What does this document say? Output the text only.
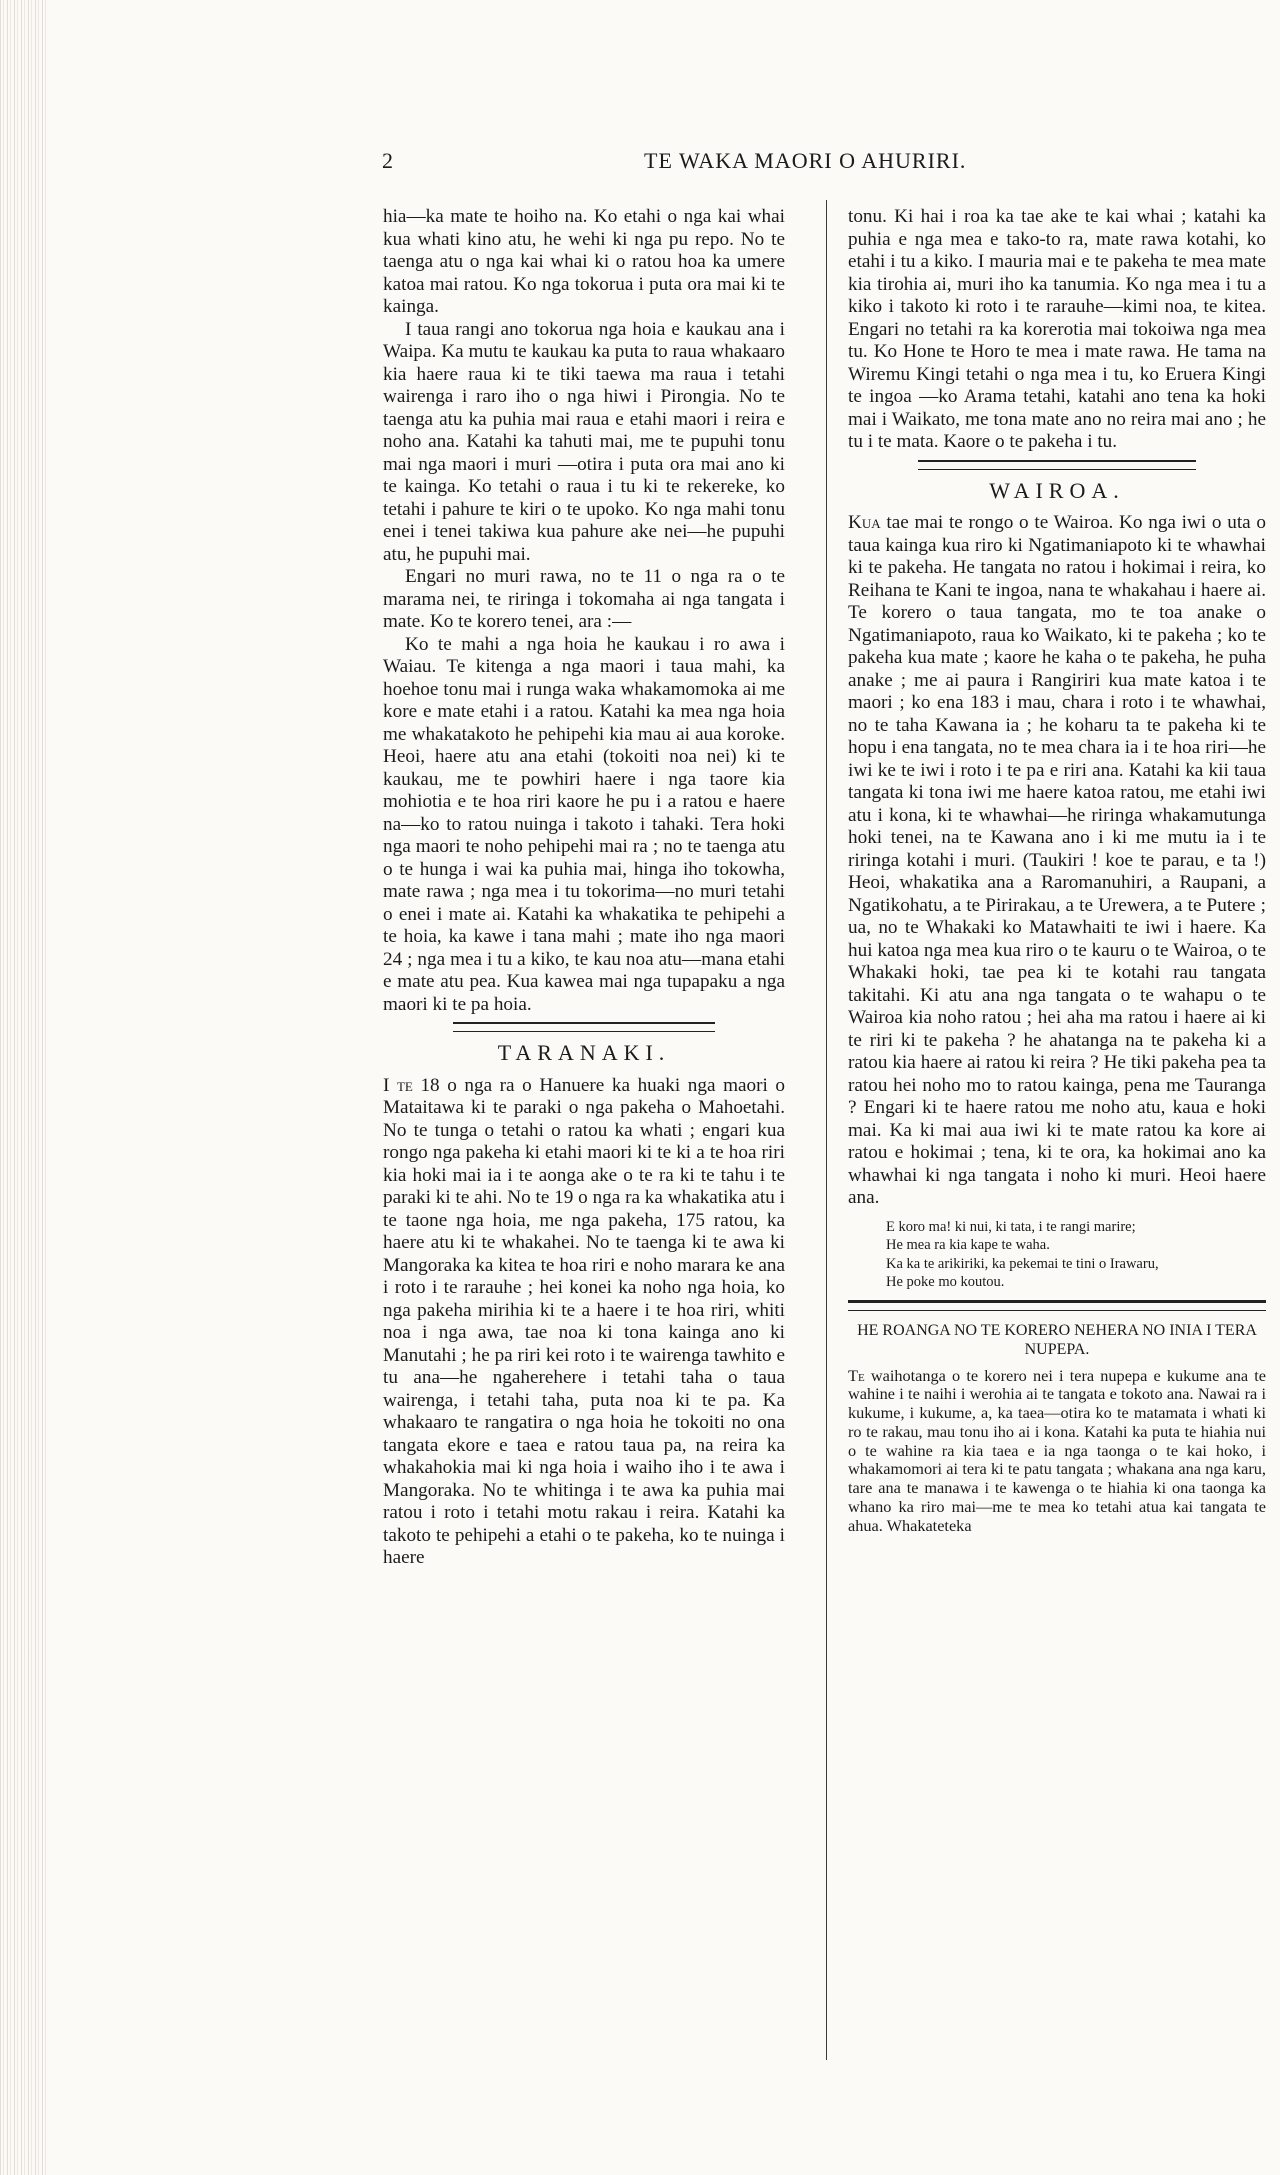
2	TE WAKA MAORI O AHURIRI.

hia—ka mate te hoiho na. Ko etahi o nga kai whai kua whati kino atu, he wehi ki nga pu repo. No te taenga atu o nga kai whai ki o ratou hoa ka umere katoa mai ratou. Ko nga tokorua i puta ora mai ki te kainga.

I taua rangi ano tokorua nga hoia e kaukau ana i Waipa. Ka mutu te kaukau ka puta to raua whakaaro kia haere raua ki te tiki taewa ma raua i tetahi wairenga i raro iho o nga hiwi i Pirongia. No te taenga atu ka puhia mai raua e etahi maori i reira e noho ana. Katahi ka tahuti mai, me te pupuhi tonu mai nga maori i muri —otira i puta ora mai ano ki te kainga. Ko tetahi o raua i tu ki te rekereke, ko tetahi i pahure te kiri o te upoko. Ko nga mahi tonu enei i tenei takiwa kua pahure ake nei—he pupuhi atu, he pupuhi mai.

Engari no muri rawa, no te 11 o nga ra o te marama nei, te riringa i tokomaha ai nga tangata i mate. Ko te korero tenei, ara :—

Ko te mahi a nga hoia he kaukau i ro awa i Waiau. Te kitenga a nga maori i taua mahi, ka hoehoe tonu mai i runga waka whakamomoka ai me kore e mate etahi i a ratou. Katahi ka mea nga hoia me whakatakoto he pehipehi kia mau ai aua koroke. Heoi, haere atu ana etahi (tokoiti noa nei) ki te kaukau, me te powhiri haere i nga taore kia mohiotia e te hoa riri kaore he pu i a ratou e haere na—ko to ratou nuinga i takoto i tahaki. Tera hoki nga maori te noho pehipehi mai ra ; no te taenga atu o te hunga i wai ka puhia mai, hinga iho tokowha, mate rawa ; nga mea i tu tokorima—no muri tetahi o enei i mate ai. Katahi ka whakatika te pehipehi a te hoia, ka kawe i tana mahi ; mate iho nga maori 24 ; nga mea i tu a kiko, te kau noa atu—mana etahi e mate atu pea. Kua kawea mai nga tupapaku a nga maori ki te pa hoia.

TARANAKI.

I te 18 o nga ra o Hanuere ka huaki nga maori o Mataitawa ki te paraki o nga pakeha o Mahoetahi. No te tunga o tetahi o ratou ka whati ; engari kua rongo nga pakeha ki etahi maori ki te ki a te hoa riri kia hoki mai ia i te aonga ake o te ra ki te tahu i te paraki ki te ahi. No te 19 o nga ra ka whakatika atu i te taone nga hoia, me nga pakeha, 175 ratou, ka haere atu ki te whakahei. No te taenga ki te awa ki Mangoraka ka kitea te hoa riri e noho marara ke ana i roto i te rarauhe ; hei konei ka noho nga hoia, ko nga pakeha mirihia ki te a haere i te hoa riri, whiti noa i nga awa, tae noa ki tona kainga ano ki Manutahi ; he pa riri kei roto i te wairenga tawhito e tu ana—he ngaherehere i tetahi taha o taua wairenga, i tetahi taha, puta noa ki te pa. Ka whakaaro te rangatira o nga hoia he tokoiti no ona tangata ekore e taea e ratou taua pa, na reira ka whakahokia mai ki nga hoia i waiho iho i te awa i Mangoraka. No te whitinga i te awa ka puhia mai ratou i roto i tetahi motu rakau i reira. Katahi ka takoto te pehipehi a etahi o te pakeha, ko te nuinga i haere

tonu. Ki hai i roa ka tae ake te kai whai ; katahi ka puhia e nga mea e tako-to ra, mate rawa kotahi, ko etahi i tu a kiko. I mauria mai e te pakeha te mea mate kia tirohia ai, muri iho ka tanumia. Ko nga mea i tu a kiko i takoto ki roto i te rarauhe—kimi noa, te kitea. Engari no tetahi ra ka korerotia mai tokoiwa nga mea tu. Ko Hone te Horo te mea i mate rawa. He tama na Wiremu Kingi tetahi o nga mea i tu, ko Eruera Kingi te ingoa —ko Arama tetahi, katahi ano tena ka hoki mai i Waikato, me tona mate ano no reira mai ano ; he tu i te mata. Kaore o te pakeha i tu.

WAIROA.

Kua tae mai te rongo o te Wairoa. Ko nga iwi o uta o taua kainga kua riro ki Ngatimaniapoto ki te whawhai ki te pakeha. He tangata no ratou i hokimai i reira, ko Reihana te Kani te ingoa, nana te whakahau i haere ai. Te korero o taua tangata, mo te toa anake o Ngatimaniapoto, raua ko Waikato, ki te pakeha ; ko te pakeha kua mate ; kaore he kaha o te pakeha, he puha anake ; me ai paura i Rangiriri kua mate katoa i te maori ; ko ena 183 i mau, chara i roto i te whawhai, no te taha Kawana ia ; he koharu ta te pakeha ki te hopu i ena tangata, no te mea chara ia i te hoa riri—he iwi ke te iwi i roto i te pa e riri ana. Katahi ka kii taua tangata ki tona iwi me haere katoa ratou, me etahi iwi atu i kona, ki te whawhai—he riringa whakamutunga hoki tenei, na te Kawana ano i ki me mutu ia i te riringa kotahi i muri. (Taukiri ! koe te parau, e ta !) Heoi, whakatika ana a Raromanuhiri, a Raupani, a Ngatikohatu, a te Pirirakau, a te Urewera, a te Putere ; ua, no te Whakaki ko Matawhaiti te iwi i haere. Ka hui katoa nga mea kua riro o te kauru o te Wairoa, o te Whakaki hoki, tae pea ki te kotahi rau tangata takitahi. Ki atu ana nga tangata o te wahapu o te Wairoa kia noho ratou ; hei aha ma ratou i haere ai ki te riri ki te pakeha ? he ahatanga na te pakeha ki a ratou kia haere ai ratou ki reira ? He tiki pakeha pea ta ratou hei noho mo to ratou kainga, pena me Tauranga ? Engari ki te haere ratou me noho atu, kaua e hoki mai. Ka ki mai aua iwi ki te mate ratou ka kore ai ratou e hokimai ; tena, ki te ora, ka hokimai ano ka whawhai ki nga tangata i noho ki muri. Heoi haere ana.

E koro ma! ki nui, ki tata, i te rangi marire;
He mea ra kia kape te waha.
Ka ka te arikiriki, ka pekemai te tini o Irawaru,
He poke mo koutou.
HE ROANGA NO TE KORERO NEHERA NO INIA I TERA NUPEPA.

Te waihotanga o te korero nei i tera nupepa e kukume ana te wahine i te naihi i werohia ai te tangata e tokoto ana. Nawai ra i kukume, i kukume, a, ka taea—otira ko te matamata i whati ki ro te rakau, mau tonu iho ai i kona. Katahi ka puta te hiahia nui o te wahine ra kia taea e ia nga taonga o te kai hoko, i whakamomori ai tera ki te patu tangata ; whakana ana nga karu, tare ana te manawa i te kawenga o te hiahia ki ona taonga ka whano ka riro mai—me te mea ko tetahi atua kai tangata te ahua. Whakateteka
